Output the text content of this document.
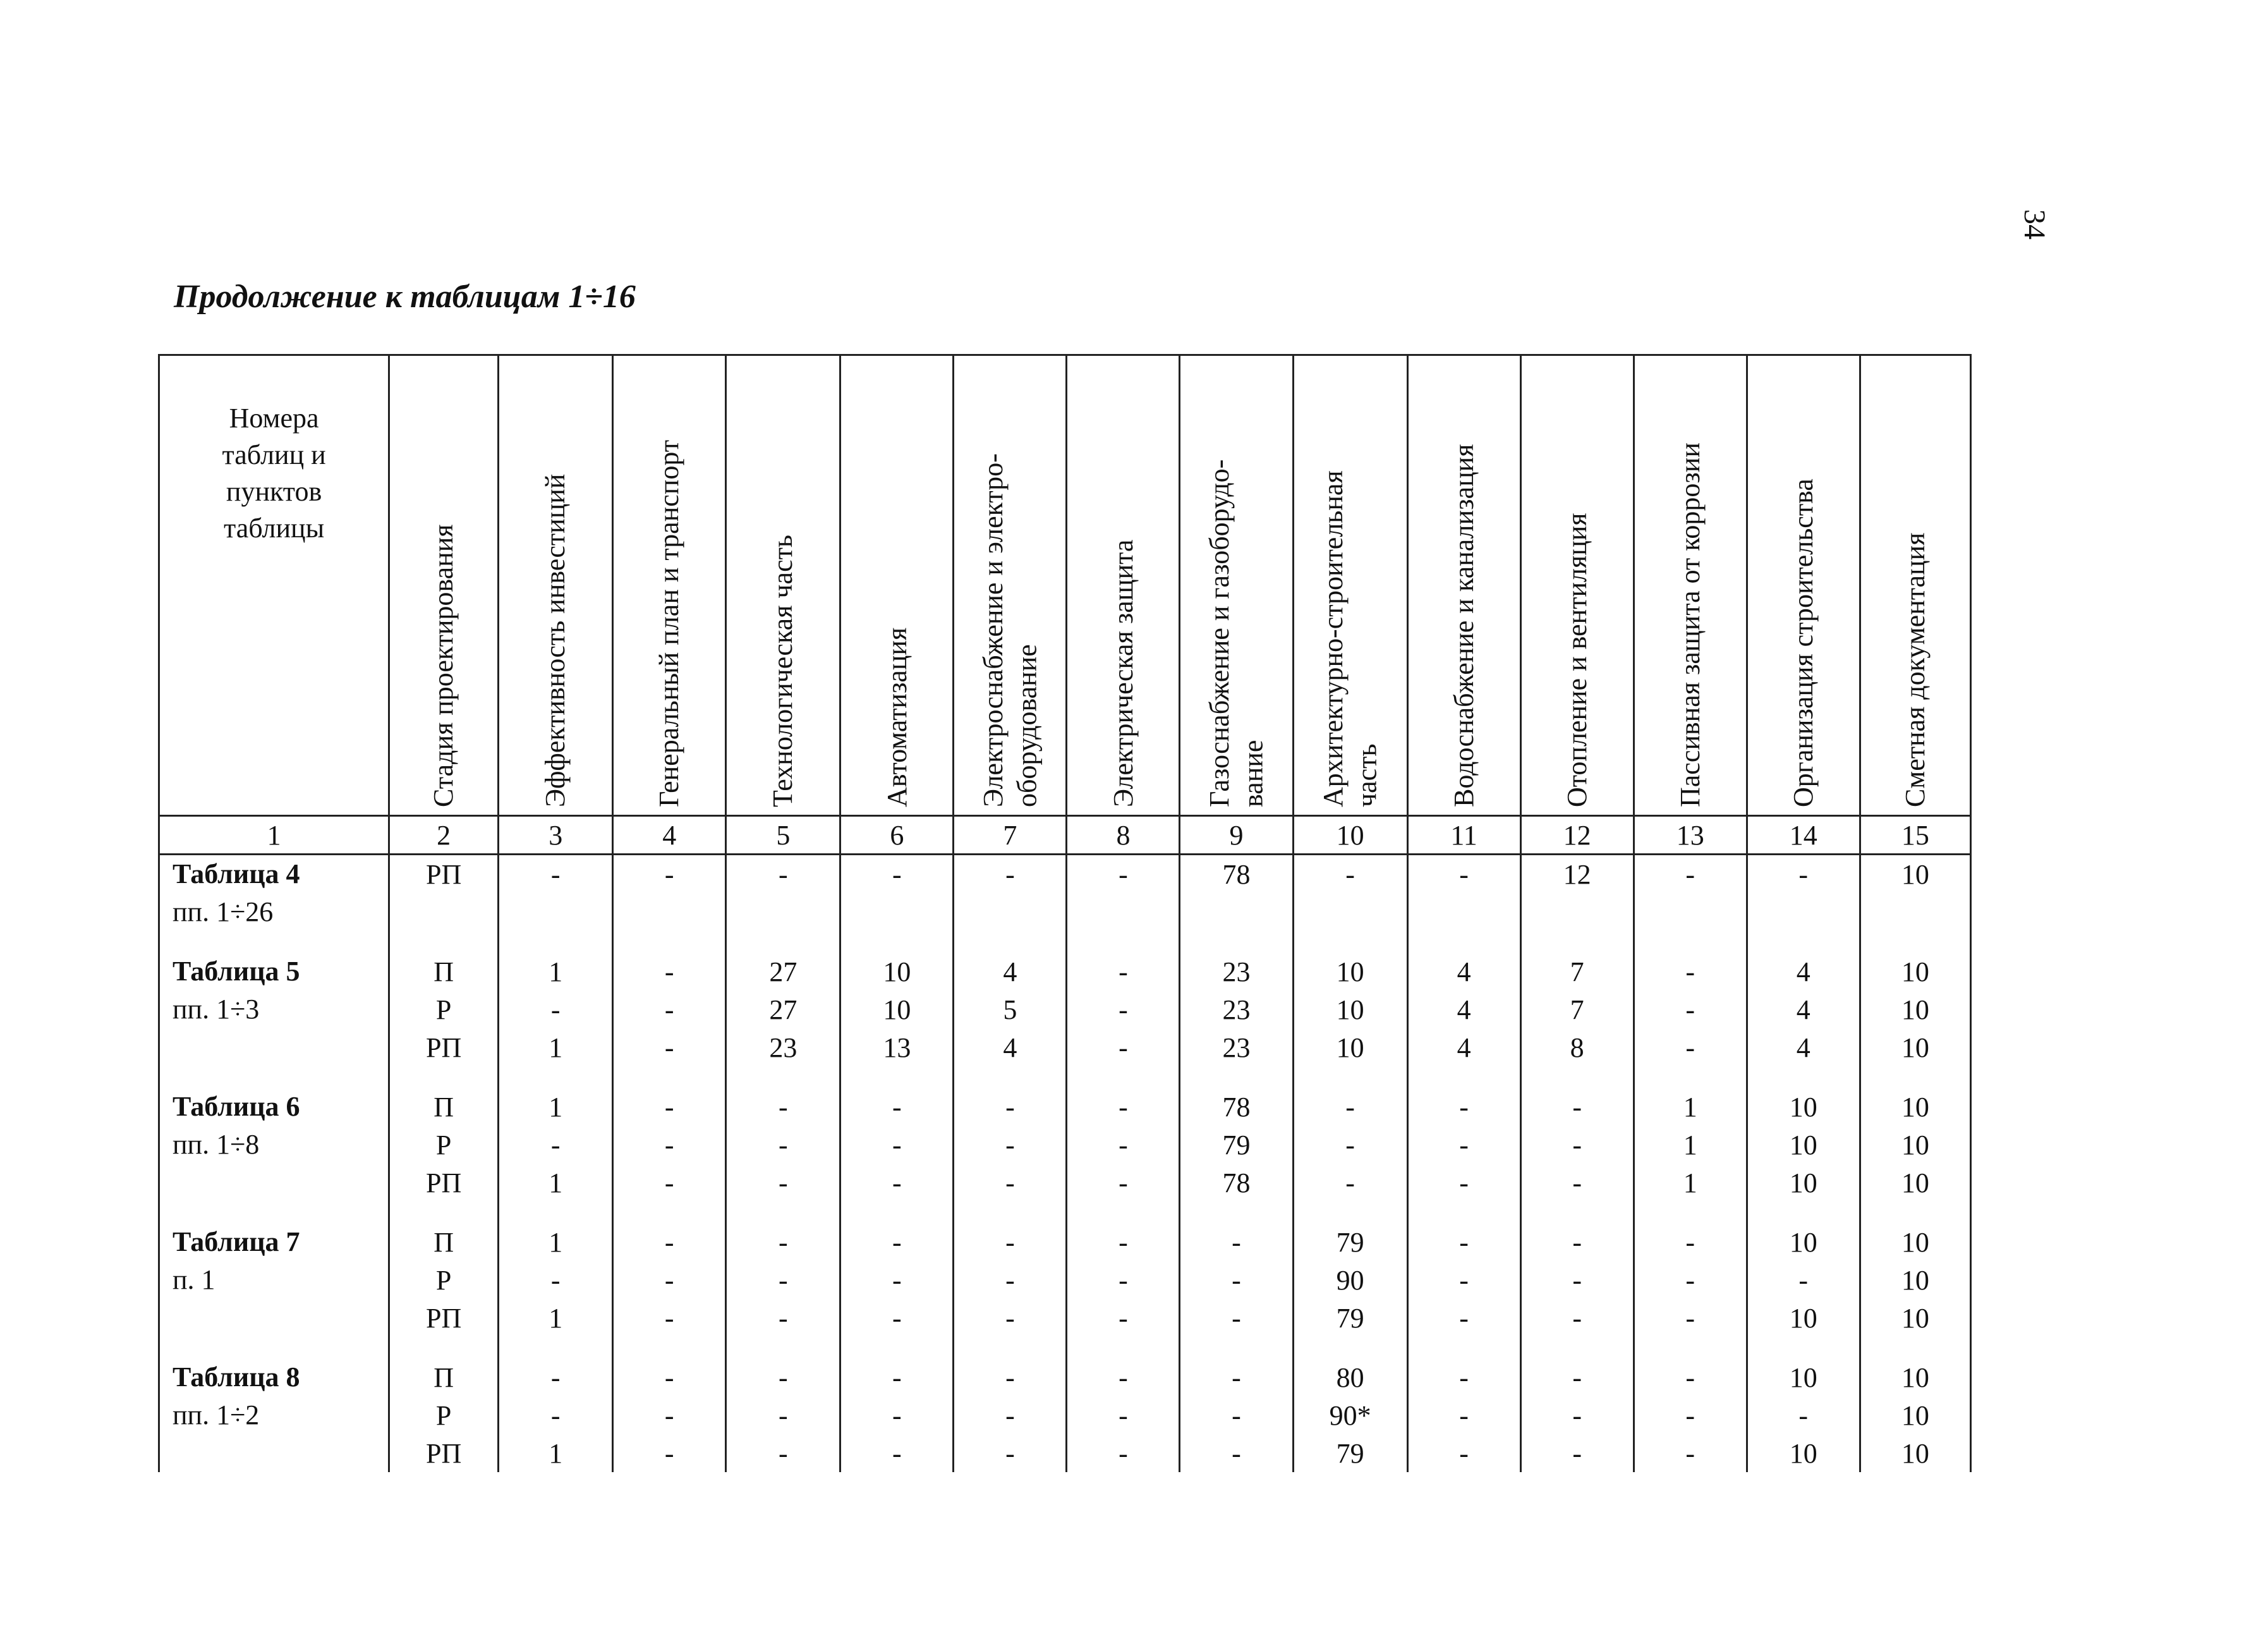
34
Продолжение к таблицам 1÷16
Номера
таблиц и
пунктов
таблицы	Стадия проектирования	Эффективность инвестиций	Генеральный план и транспорт	Технологическая часть	Автоматизация	Электроснабжение и электро-
оборудование	Электрическая защита	Газоснабжение и газоборудо-
вание	Архитектурно-строительная
часть	Водоснабжение и канализация	Отопление и вентиляция	Пассивная защита от коррозии	Организация строительства	Сметная документация

1	2	3	4	5	6	7	8	9	10	11	12	13	14	15
Таблица 4	РП	-	-	-	-	-	-	78	-	-	12	-	-	10
пп. 1÷26														

Таблица 5	П	1	-	27	10	4	-	23	10	4	7	-	4	10
пп. 1÷3	Р	-	-	27	10	5	-	23	10	4	7	-	4	10
	РП	1	-	23	13	4	-	23	10	4	8	-	4	10

Таблица 6	П	1	-	-	-	-	-	78	-	-	-	1	10	10
пп. 1÷8	Р	-	-	-	-	-	-	79	-	-	-	1	10	10
	РП	1	-	-	-	-	-	78	-	-	-	1	10	10

Таблица 7	П	1	-	-	-	-	-	-	79	-	-	-	10	10
п. 1	Р	-	-	-	-	-	-	-	90	-	-	-	-	10
	РП	1	-	-	-	-	-	-	79	-	-	-	10	10

Таблица 8	П	-	-	-	-	-	-	-	80	-	-	-	10	10
пп. 1÷2	Р	-	-	-	-	-	-	-	90*	-	-	-	-	10
	РП	1	-	-	-	-	-	-	79	-	-	-	10	10
